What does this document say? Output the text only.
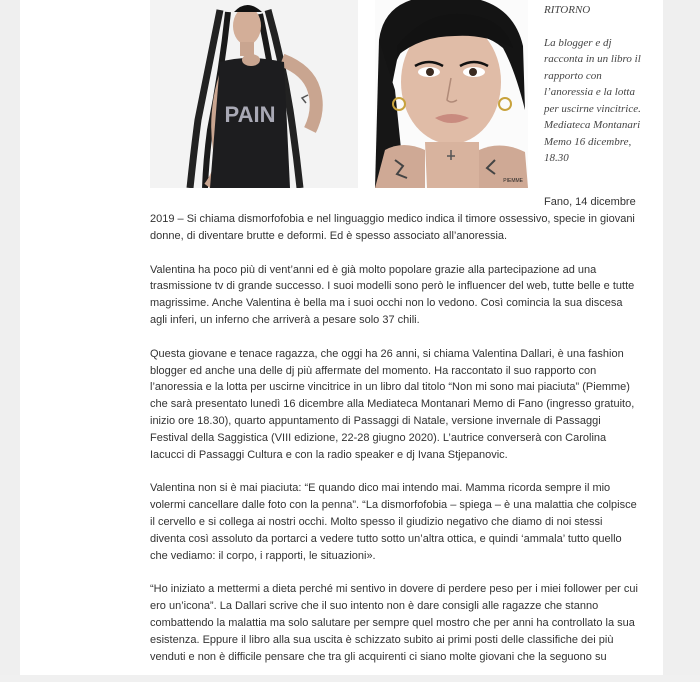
PAIN
PIEMME
RITORNO
La blogger e dj racconta in un libro il rapporto con l’anoressia e la lotta per uscirne vincitrice. Mediateca Montanari Memo 16 dicembre, 18.30
Fano, 14 dicembre

2019 – Si chiama dismorfofobia e nel linguaggio medico indica il timore ossessivo, specie in giovani donne, di diventare brutte e deformi. Ed è spesso associato all’anoressia.

Valentina ha poco più di vent’anni ed è già molto popolare grazie alla partecipazione ad una trasmissione tv di grande successo. I suoi modelli sono però le influencer del web, tutte belle e tutte magrissime. Anche Valentina è bella ma i suoi occhi non lo vedono. Così comincia la sua discesa agli inferi, un inferno che arriverà a pesare solo 37 chili.

Questa giovane e tenace ragazza, che oggi ha 26 anni, si chiama Valentina Dallari, è una fashion blogger ed anche una delle dj più affermate del momento. Ha raccontato il suo rapporto con l’anoressia e la lotta per uscirne vincitrice in un libro dal titolo “Non mi sono mai piaciuta” (Piemme) che sarà presentato lunedì 16 dicembre alla Mediateca Montanari Memo di Fano (ingresso gratuito, inizio ore 18.30), quarto appuntamento di Passaggi di Natale, versione invernale di Passaggi Festival della Saggistica (VIII edizione, 22-28 giugno 2020). L’autrice converserà con Carolina Iacucci di Passaggi Cultura e con la radio speaker e dj Ivana Stjepanovic.

Valentina non si è mai piaciuta: “E quando dico mai intendo mai. Mamma ricorda sempre il mio volermi cancellare dalle foto con la penna”. “La dismorfofobia – spiega – è una malattia che colpisce il cervello e si collega ai nostri occhi. Molto spesso il giudizio negativo che diamo di noi stessi diventa così assoluto da portarci a vedere tutto sotto un’altra ottica, e quindi ‘ammala’ tutto quello che vediamo: il corpo, i rapporti, le situazioni».

“Ho iniziato a mettermi a dieta perché mi sentivo in dovere di perdere peso per i miei follower per cui ero un’icona”. La Dallari scrive che il suo intento non è dare consigli alle ragazze che stanno combattendo la malattia ma solo salutare per sempre quel mostro che per anni ha controllato la sua esistenza. Eppure il libro alla sua uscita è schizzato subito ai primi posti delle classifiche dei più venduti e non è difficile pensare che tra gli acquirenti ci siano molte giovani che la seguono su
